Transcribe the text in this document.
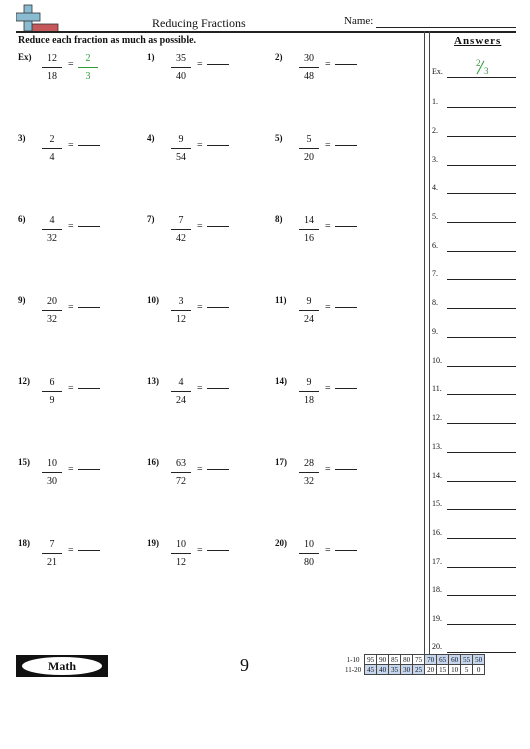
Reducing Fractions	Name:
Reduce each fraction as much as possible.	Answers
Ex.
2
3
1.
2.
3.
4.
5.
6.
7.
8.
9.
10.
11.
12.
13.
14.
15.
16.
17.
18.
19.
20.
Ex)	12
18
=
2
3
1)	35
40
=
2)	30
48
=
3)	2
4
=
4)	9
54
=
5)	5
20
=
6)	4
32
=
7)	7
42
=
8)	14
16
=
9)	20
32
=
10)	3
12
=
11)	9
24
=
12)	6
9
=
13)	4
24
=
14)	9
18
=
15)	10
30
=
16)	63
72
=
17)	28
32
=
18)	7
21
=
19)	10
12
=
20)	10
80
=
Math	9	1-10	95	90	85	80	75	70	65	60	55	50
11-20	45	40	35	30	25	20	15	10	5	0
